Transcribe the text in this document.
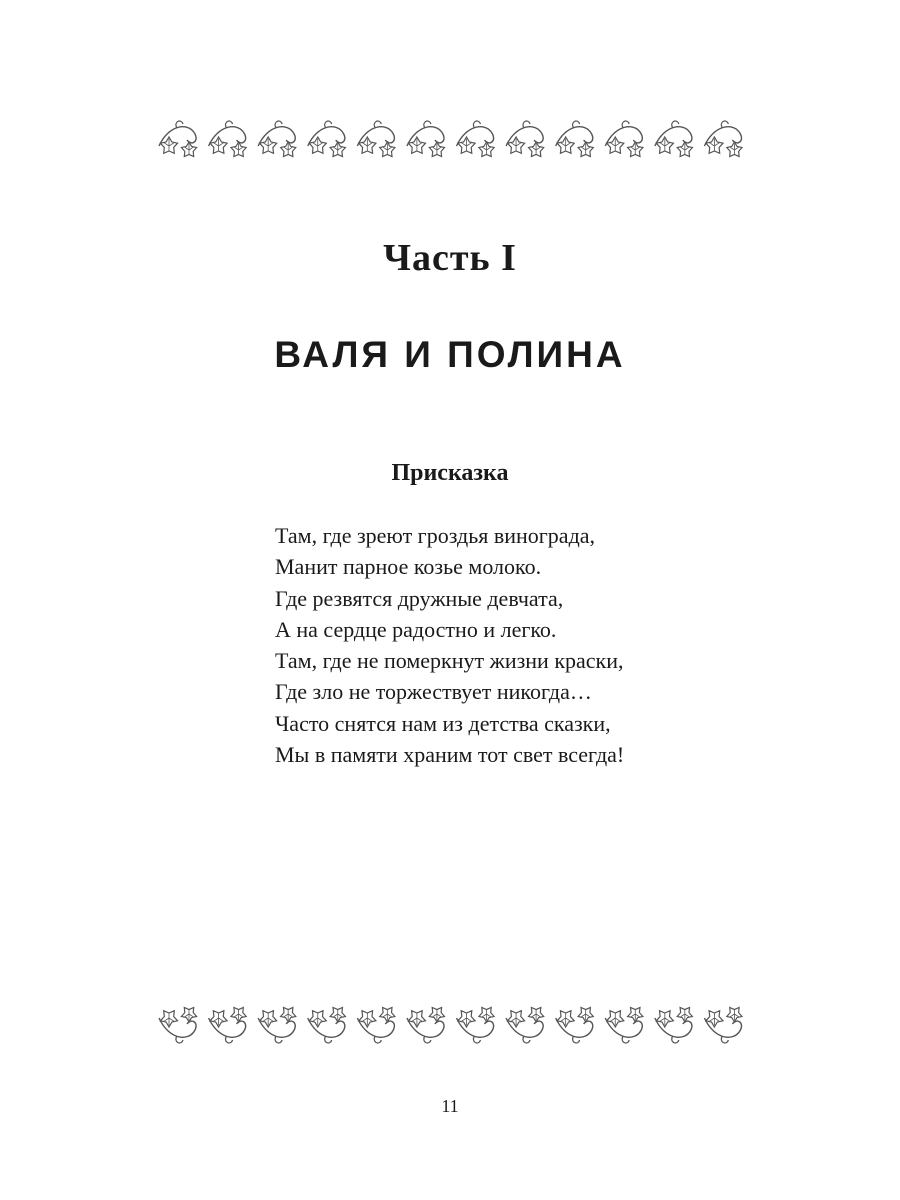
Часть I
ВАЛЯ И ПОЛИНА
Присказка
Там, где зреют гроздья винограда,
Манит парное козье молоко.
Где резвятся дружные девчата,
А на сердце радостно и легко.
Там, где не померкнут жизни краски,
Где зло не торжествует никогда…
Часто снятся нам из детства сказки,
Мы в памяти храним тот свет всегда!
11
